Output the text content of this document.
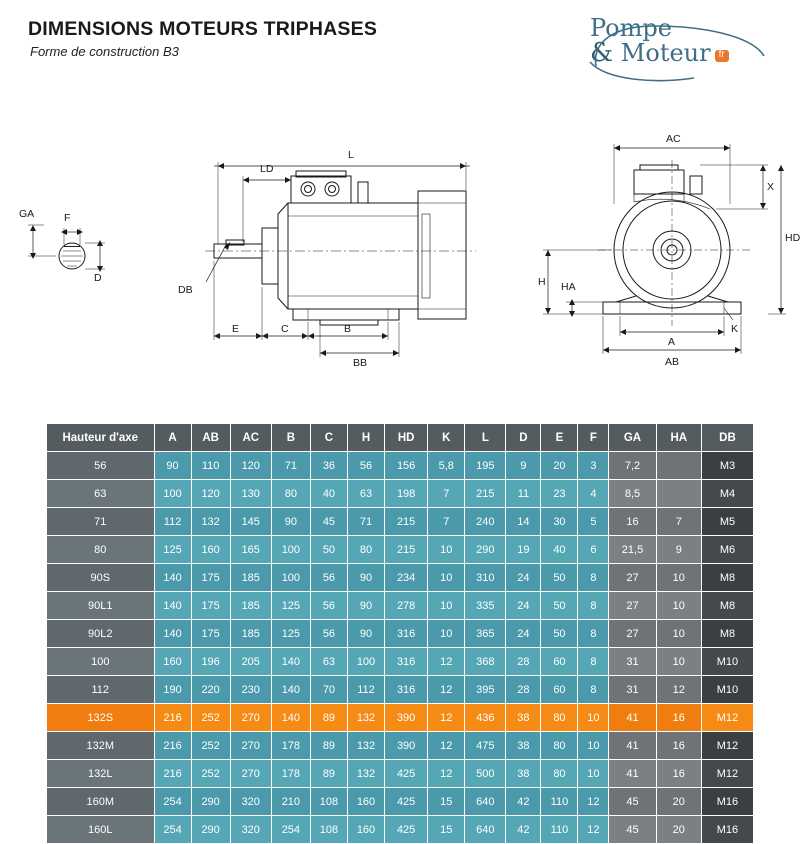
DIMENSIONS MOTEURS TRIPHASES
Forme de construction B3
Pompe
& Moteur fr
GA	F
D
L
LD
DB
E	C	B
BB
AC
X
HD
H HA
A
K
AB
Hauteur d'axe	A	AB	AC	B	C	H	HD	K	L	D	E	F	GA	HA	DB
56	90	110	120	71	36	56	156	5,8	195	9	20	3	7,2		M3
63	100	120	130	80	40	63	198	7	215	11	23	4	8,5		M4
71	112	132	145	90	45	71	215	7	240	14	30	5	16	7	M5
80	125	160	165	100	50	80	215	10	290	19	40	6	21,5	9	M6
90S	140	175	185	100	56	90	234	10	310	24	50	8	27	10	M8
90L1	140	175	185	125	56	90	278	10	335	24	50	8	27	10	M8
90L2	140	175	185	125	56	90	316	10	365	24	50	8	27	10	M8
100	160	196	205	140	63	100	316	12	368	28	60	8	31	10	M10
112	190	220	230	140	70	112	316	12	395	28	60	8	31	12	M10
132S	216	252	270	140	89	132	390	12	436	38	80	10	41	16	M12
132M	216	252	270	178	89	132	390	12	475	38	80	10	41	16	M12
132L	216	252	270	178	89	132	425	12	500	38	80	10	41	16	M12
160M	254	290	320	210	108	160	425	15	640	42	110	12	45	20	M16
160L	254	290	320	254	108	160	425	15	640	42	110	12	45	20	M16
